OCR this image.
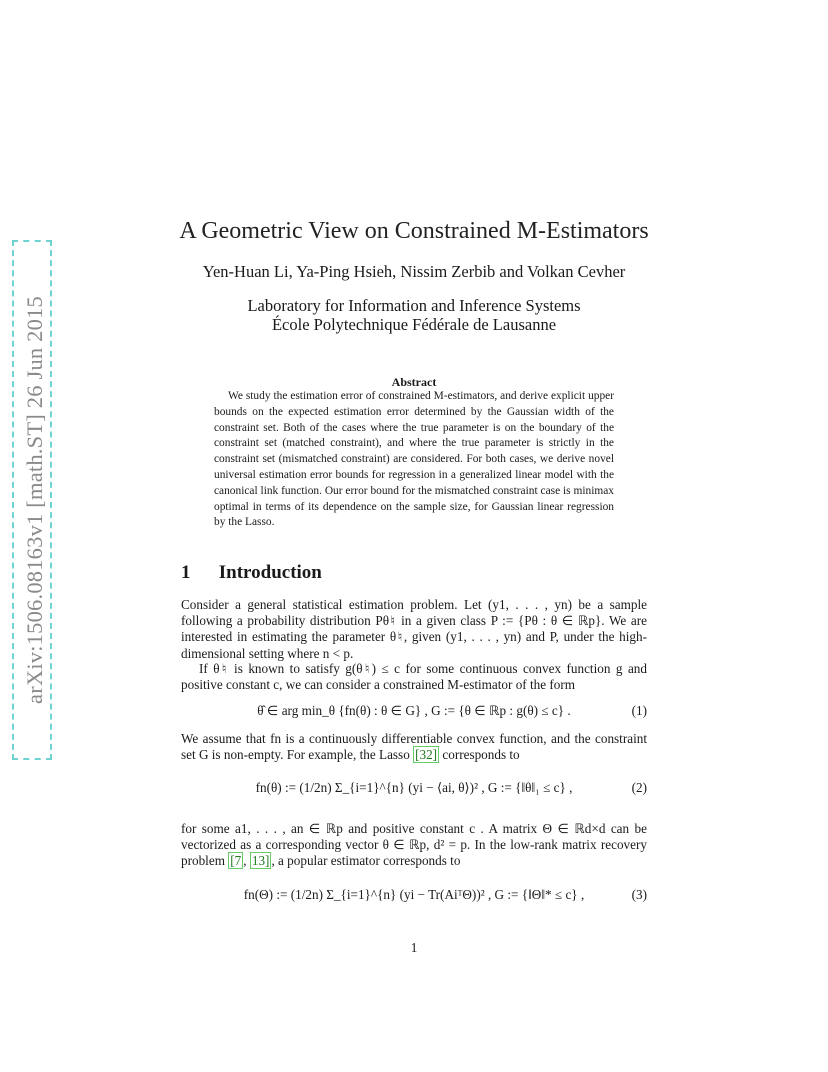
arXiv:1506.08163v1 [math.ST] 26 Jun 2015
A Geometric View on Constrained M-Estimators
Yen-Huan Li, Ya-Ping Hsieh, Nissim Zerbib and Volkan Cevher
Laboratory for Information and Inference Systems
École Polytechnique Fédérale de Lausanne
Abstract
We study the estimation error of constrained M-estimators, and derive explicit upper bounds on the expected estimation error determined by the Gaussian width of the constraint set. Both of the cases where the true parameter is on the boundary of the constraint set (matched constraint), and where the true parameter is strictly in the constraint set (mismatched constraint) are considered. For both cases, we derive novel universal estimation error bounds for regression in a generalized linear model with the canonical link function. Our error bound for the mismatched constraint case is minimax optimal in terms of its dependence on the sample size, for Gaussian linear regression by the Lasso.
1 Introduction
Consider a general statistical estimation problem. Let (y1, . . . , yn) be a sample following a probability distribution Pθ♮ in a given class P := {Pθ : θ ∈ ℝp}. We are interested in estimating the parameter θ♮, given (y1, . . . , yn) and P, under the high-dimensional setting where n < p.
If θ♮ is known to satisfy g(θ♮) ≤ c for some continuous convex function g and positive constant c, we can consider a constrained M-estimator of the form
θ̂ ∈ arg min_θ {fn(θ) : θ ∈ G} , G := {θ ∈ ℝp : g(θ) ≤ c} .	(1)
We assume that fn is a continuously differentiable convex function, and the constraint set G is non-empty. For example, the Lasso [32] corresponds to
fn(θ) := (1/2n) Σ_{i=1}^{n} (yi − ⟨ai, θ⟩)² , G := {‖θ‖₁ ≤ c} ,	(2)
for some a1, . . . , an ∈ ℝp and positive constant c . A matrix Θ ∈ ℝd×d can be vectorized as a corresponding vector θ ∈ ℝp, d² = p. In the low-rank matrix recovery problem [7 , 13] , a popular estimator corresponds to
fn(Θ) := (1/2n) Σ_{i=1}^{n} (yi − Tr(AiᵀΘ))² , G := {‖Θ‖* ≤ c} ,	(3)
1
